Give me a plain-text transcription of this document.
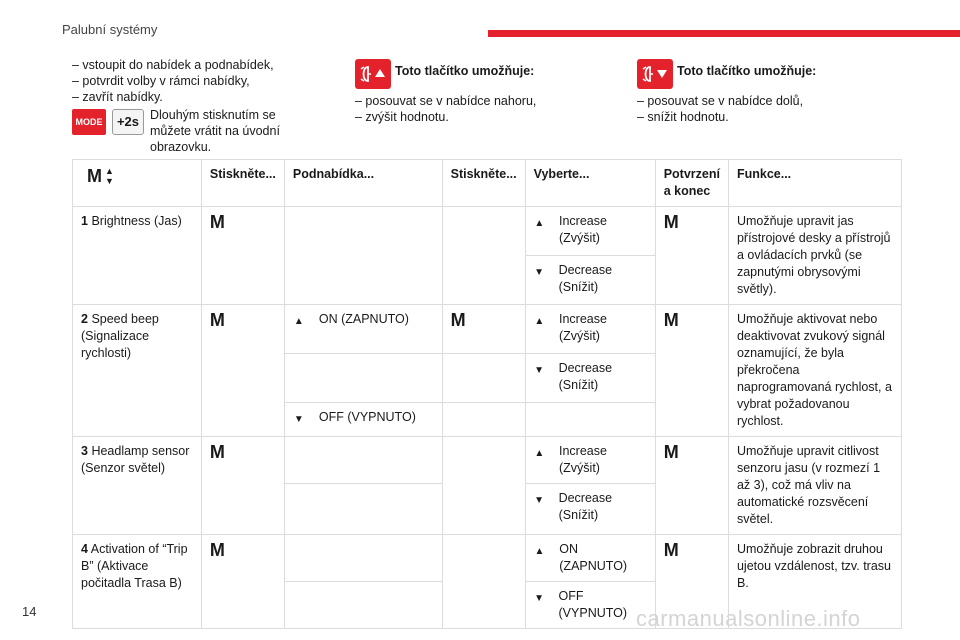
Palubní systémy
– vstoupit do nabídek a podnabídek,
– potvrdit volby v rámci nabídky,
– zavřít nabídky.
MODE	+2s Dlouhým stisknutím se můžete vrátit na úvodní obrazovku.
Toto tlačítko umožňuje:
– posouvat se v nabídce nahoru,
– zvýšit hodnotu.
Toto tlačítko umožňuje:
– posouvat se v nabídce dolů,
– snížit hodnotu.
M ▲
▼	Stiskněte...	Podnabídka...	Stiskněte...	Vyberte...	Potvrzení a konec	Funkce...
1 Brightness (Jas)	M			▲ Increase (Zvýšit)	M	Umožňuje upravit jas přístrojové desky a přístrojů a ovládacích prvků (se zapnutými obrysovými světly).

				▼ Decrease (Snížit)		

2 Speed beep (Signalizace rychlosti)	M	▲ ON (ZAPNUTO)	M	▲ Increase (Zvýšit)	M	Umožňuje aktivovat nebo deaktivovat zvukový signál oznamující, že byla překročena naprogramovaná rychlost, a vybrat požadovanou rychlost.

				▼ Decrease (Snížit)		

		▼ OFF (VYPNUTO)				

3 Headlamp sensor (Senzor světel)	M			▲ Increase (Zvýšit)	M	Umožňuje upravit citlivost senzoru jasu (v rozmezí 1 až 3), což má vliv na automatické rozsvěcení světel.

				▼ Decrease (Snížit)		

4 Activation of “Trip B” (Aktivace počitadla Trasa B)	M			▲ ON (ZAPNUTO)	M	Umožňuje zobrazit druhou ujetou vzdálenost, tzv. trasu B.

				▼ OFF (VYPNUTO)		
14	carmanualsonline.info
